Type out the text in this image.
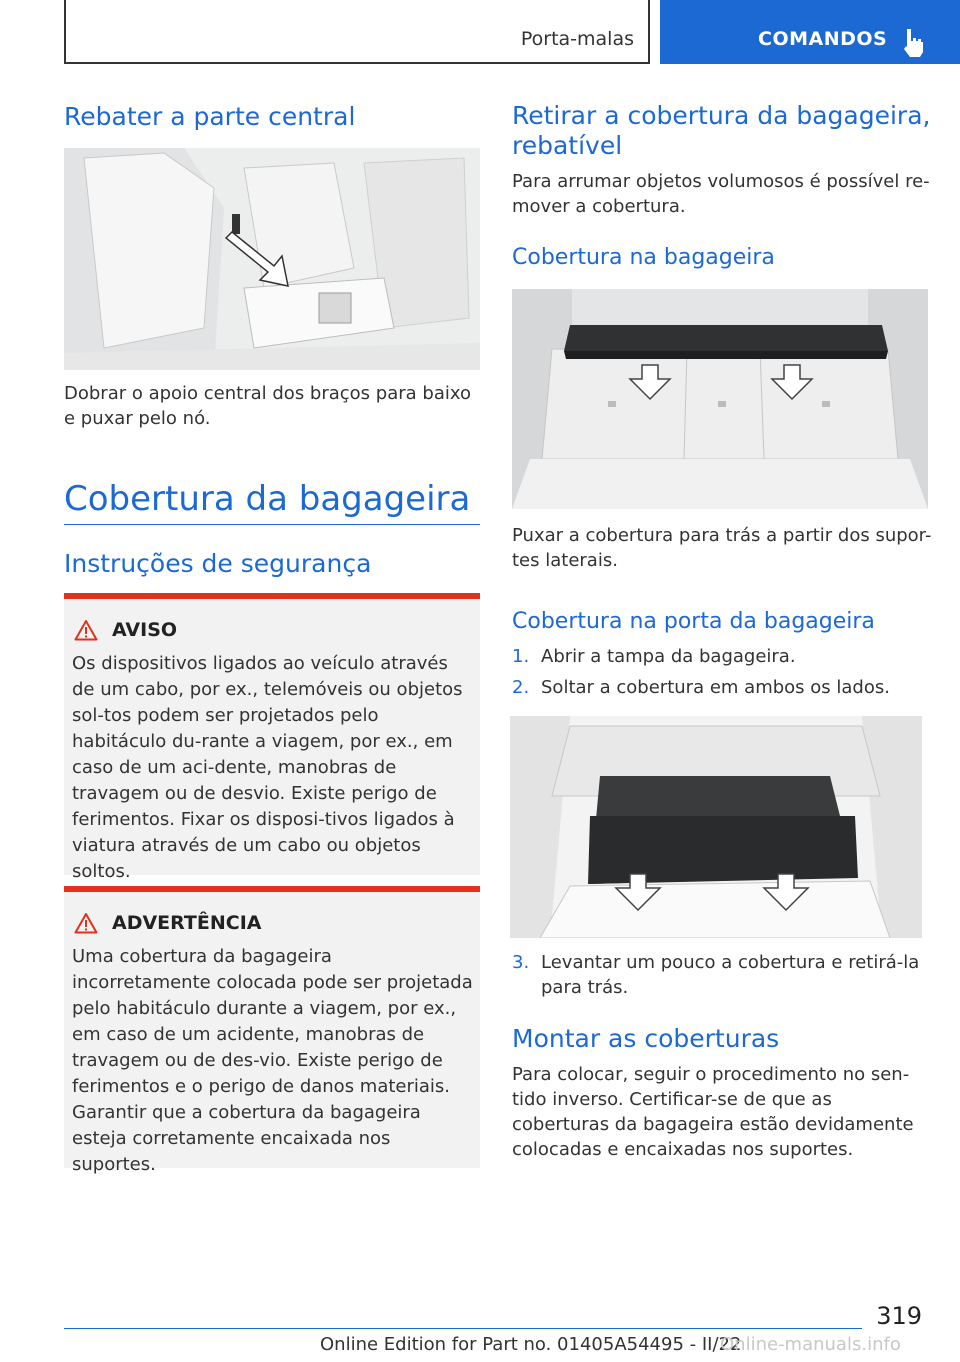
Porta-malas	COMANDOS
Rebater a parte central
Dobrar o apoio central dos braços para baixo e puxar pelo nó.
Cobertura da bagageira
Instruções de segurança
AVISO
Os dispositivos ligados ao veículo através de um cabo, por ex., telemóveis ou objetos sol-tos podem ser projetados pelo habitáculo du-rante a viagem, por ex., em caso de um aci-dente, manobras de travagem ou de desvio. Existe perigo de ferimentos. Fixar os disposi-tivos ligados à viatura através de um cabo ou objetos soltos.
ADVERTÊNCIA
Uma cobertura da bagageira incorretamente colocada pode ser projetada pelo habitáculo durante a viagem, por ex., em caso de um acidente, manobras de travagem ou de des-vio. Existe perigo de ferimentos e o perigo de danos materiais. Garantir que a cobertura da bagageira esteja corretamente encaixada nos suportes.
Retirar a cobertura da bagageira, rebatível
Para arrumar objetos volumosos é possível re-mover a cobertura.
Cobertura na bagageira
Puxar a cobertura para trás a partir dos supor-tes laterais.
Cobertura na porta da bagageira
1. Abrir a tampa da bagageira.
2. Soltar a cobertura em ambos os lados.
3. Levantar um pouco a cobertura e retirá-la para trás.
Montar as coberturas
Para colocar, seguir o procedimento no sen-tido inverso. Certificar-se de que as coberturas da bagageira estão devidamente colocadas e encaixadas nos suportes.
319
Online Edition for Part no. 01405A54495 - II/22
Online-manuals.info
